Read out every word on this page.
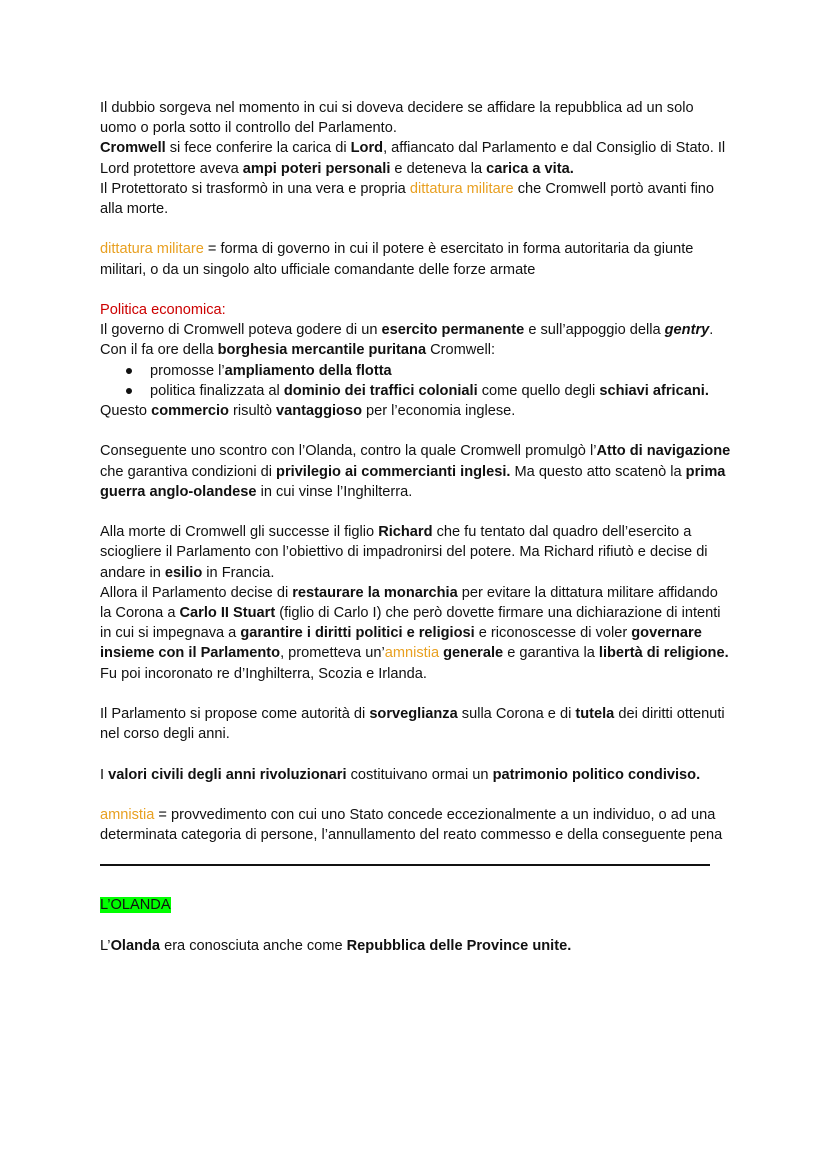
Il dubbio sorgeva nel momento in cui si doveva decidere se affidare la repubblica ad un solo uomo o porla sotto il controllo del Parlamento.

Cromwell si fece conferire la carica di Lord, affiancato dal Parlamento e dal Consiglio di Stato. Il Lord protettore aveva ampi poteri personali e deteneva la carica a vita.

Il Protettorato si trasformò in una vera e propria dittatura militare che Cromwell portò avanti fino alla morte.

dittatura militare = forma di governo in cui il potere è esercitato in forma autoritaria da giunte militari, o da un singolo alto ufficiale comandante delle forze armate

Politica economica:

Il governo di Cromwell poteva godere di un esercito permanente e sull’appoggio della gentry.

Con il fa ore della borghesia mercantile puritana Cromwell:

promosse l’ampliamento della flotta
politica finalizzata al dominio dei traffici coloniali come quello degli schiavi africani.

Questo commercio risultò vantaggioso per l’economia inglese.

Conseguente uno scontro con l’Olanda, contro la quale Cromwell promulgò l’Atto di navigazione che garantiva condizioni di privilegio ai commercianti inglesi. Ma questo atto scatenò la prima guerra anglo-olandese in cui vinse l’Inghilterra.

Alla morte di Cromwell gli successe il figlio Richard che fu tentato dal quadro dell’esercito a sciogliere il Parlamento con l’obiettivo di impadronirsi del potere. Ma Richard rifiutò e decise di andare in esilio in Francia.

Allora il Parlamento decise di restaurare la monarchia per evitare la dittatura militare affidando la Corona a Carlo II Stuart (figlio di Carlo I) che però dovette firmare una dichiarazione di intenti in cui si impegnava a garantire i diritti politici e religiosi e riconoscesse di voler governare insieme con il Parlamento, prometteva un’amnistia generale e garantiva la libertà di religione.

Fu poi incoronato re d’Inghilterra, Scozia e Irlanda.

Il Parlamento si propose come autorità di sorveglianza sulla Corona e di tutela dei diritti ottenuti nel corso degli anni.

I valori civili degli anni rivoluzionari costituivano ormai un patrimonio politico condiviso.

amnistia = provvedimento con cui uno Stato concede eccezionalmente a un individuo, o ad una determinata categoria di persone, l’annullamento del reato commesso e della conseguente pena

L’OLANDA

L’Olanda era conosciuta anche come Repubblica delle Province unite.
